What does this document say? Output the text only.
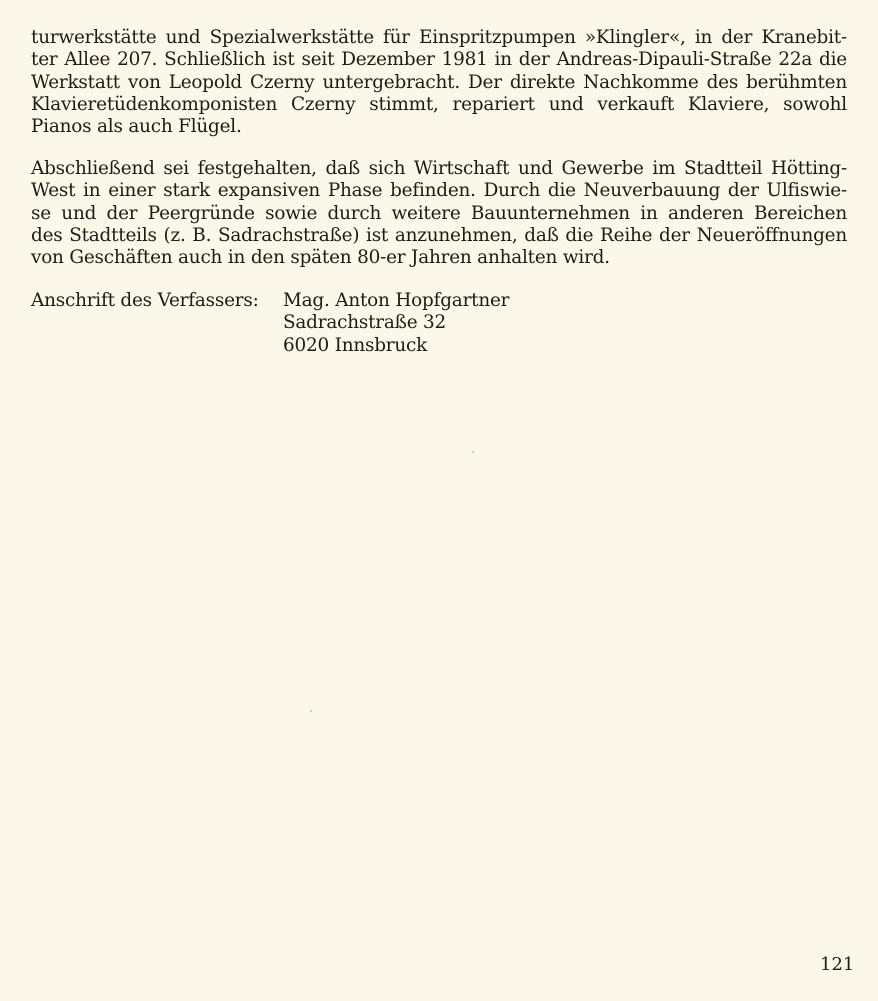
turwerkstätte und Spezialwerkstätte für Einspritzpumpen »Klingler«, in der Kranebit-
ter Allee 207. Schließlich ist seit Dezember 1981 in der Andreas-Dipauli-Straße 22a die
Werkstatt von Leopold Czerny untergebracht. Der direkte Nachkomme des berühmten
Klavieretüdenkomponisten Czerny stimmt, repariert und verkauft Klaviere, sowohl
Pianos als auch Flügel.
Abschließend sei festgehalten, daß sich Wirtschaft und Gewerbe im Stadtteil Hötting-
West in einer stark expansiven Phase befinden. Durch die Neuverbauung der Ulfiswie-
se und der Peergründe sowie durch weitere Bauunternehmen in anderen Bereichen
des Stadtteils (z. B. Sadrachstraße) ist anzunehmen, daß die Reihe der Neueröffnungen
von Geschäften auch in den späten 80-er Jahren anhalten wird.
Anschrift des Verfassers: Mag. Anton Hopfgartner
Sadrachstraße 32
6020 Innsbruck
121
